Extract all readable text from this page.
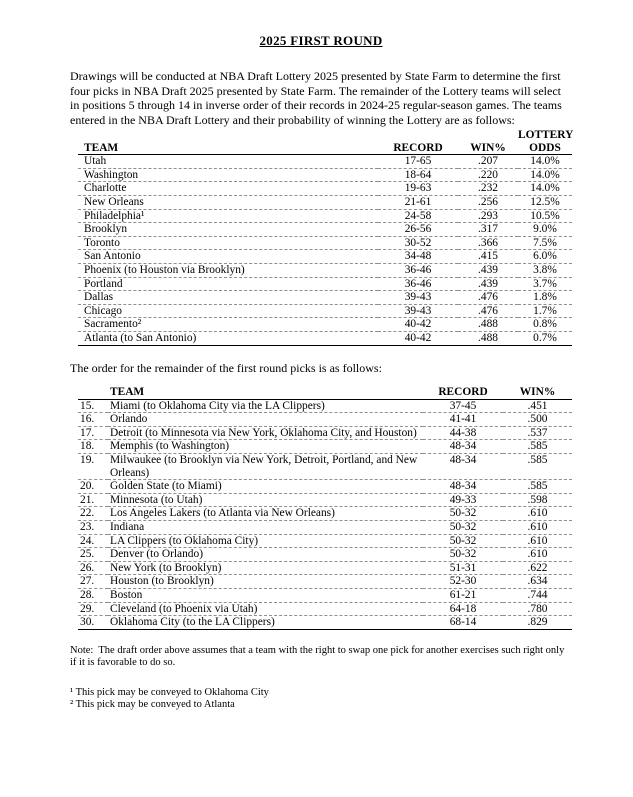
2025 FIRST ROUND

Drawings will be conducted at NBA Draft Lottery 2025 presented by State Farm to determine the first four picks in NBA Draft 2025 presented by State Farm. The remainder of the Lottery teams will select in positions 5 through 14 in inverse order of their records in 2024-25 regular-season games. The teams entered in the NBA Draft Lottery and their probability of winning the Lottery are as follows:

TEAM	RECORD	WIN%	LOTTERY
ODDS

Utah	17-65	.207	14.0%
Washington	18-64	.220	14.0%
Charlotte	19-63	.232	14.0%
New Orleans	21-61	.256	12.5%
Philadelphia¹	24-58	.293	10.5%
Brooklyn	26-56	.317	9.0%
Toronto	30-52	.366	7.5%
San Antonio	34-48	.415	6.0%
Phoenix (to Houston via Brooklyn)	36-46	.439	3.8%
Portland	36-46	.439	3.7%
Dallas	39-43	.476	1.8%
Chicago	39-43	.476	1.7%
Sacramento²	40-42	.488	0.8%
Atlanta (to San Antonio)	40-42	.488	0.7%

The order for the remainder of the first round picks is as follows:

	TEAM	RECORD	WIN%
15.	Miami (to Oklahoma City via the LA Clippers)	37-45	.451
16.	Orlando	41-41	.500
17.	Detroit (to Minnesota via New York, Oklahoma City, and Houston)	44-38	.537
18.	Memphis (to Washington)	48-34	.585
19.	Milwaukee (to Brooklyn via New York, Detroit, Portland, and New Orleans)	48-34	.585
20.	Golden State (to Miami)	48-34	.585
21.	Minnesota (to Utah)	49-33	.598
22.	Los Angeles Lakers (to Atlanta via New Orleans)	50-32	.610
23.	Indiana	50-32	.610
24.	LA Clippers (to Oklahoma City)	50-32	.610
25.	Denver (to Orlando)	50-32	.610
26.	New York (to Brooklyn)	51-31	.622
27.	Houston (to Brooklyn)	52-30	.634
28.	Boston	61-21	.744
29.	Cleveland (to Phoenix via Utah)	64-18	.780
30.	Oklahoma City (to the LA Clippers)	68-14	.829

Note:  The draft order above assumes that a team with the right to swap one pick for another exercises such right only if it is favorable to do so.

¹ This pick may be conveyed to Oklahoma City

² This pick may be conveyed to Atlanta
